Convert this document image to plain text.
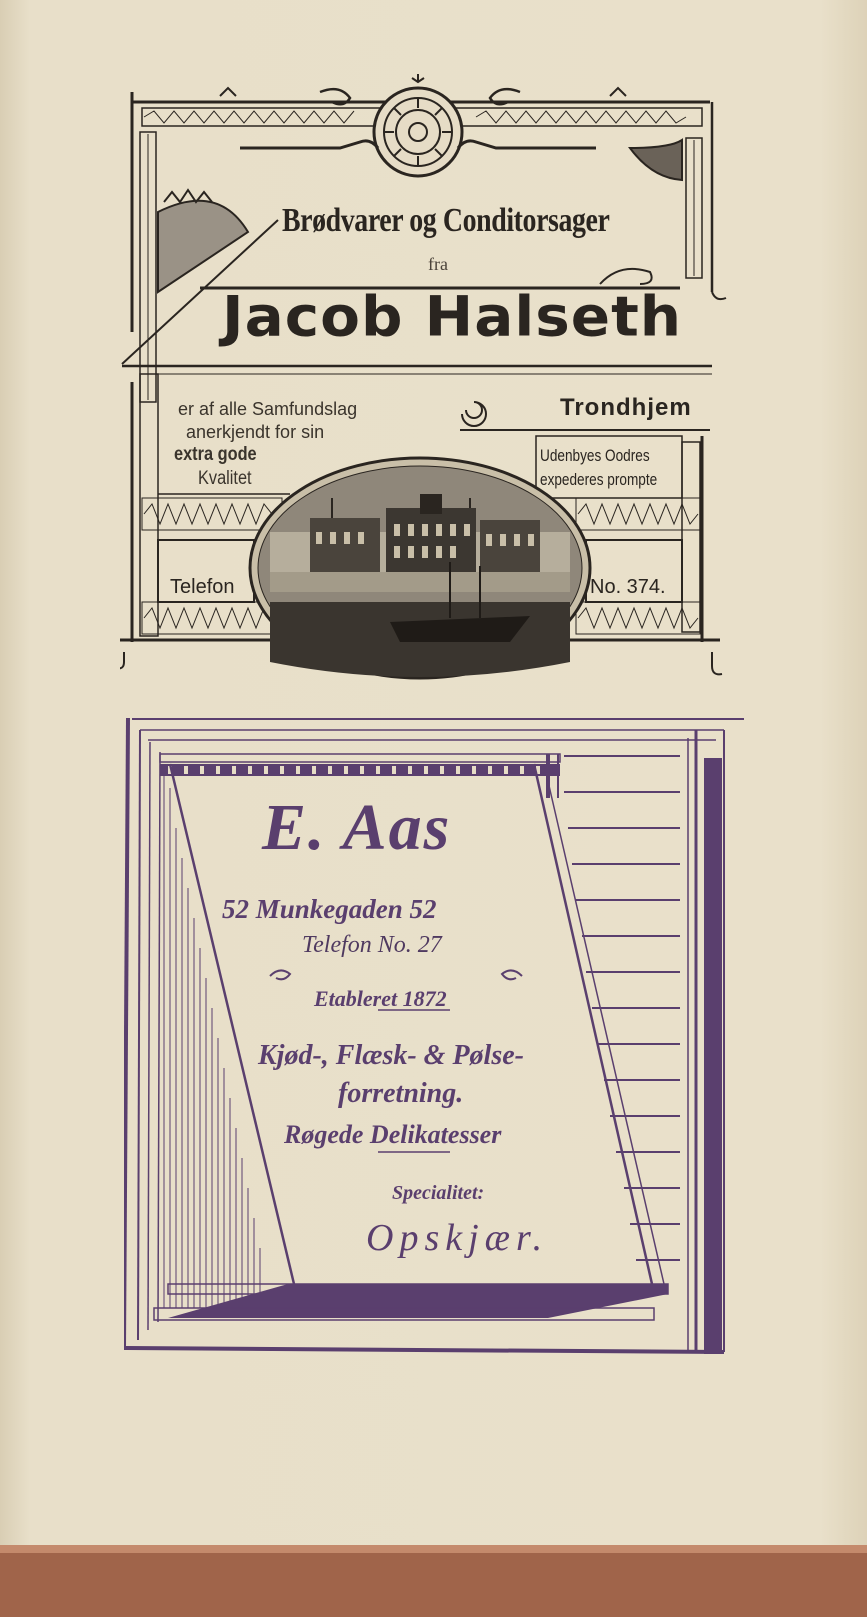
Brødvarer og Conditorsager
fra
Jacob Halseth
er af alle Samfundslag
anerkjendt for sin
extra gode
Kvalitet
Trondhjem
Udenbyes Oodres
expederes prompte
Telefon	No. 374.
E. Aas
52 Munkegaden 52
Telefon No. 27
Etableret 1872
Kjød-, Flæsk- & Pølse-
forretning.
Røgede Delikatesser
Specialitet:
Opskjær.
